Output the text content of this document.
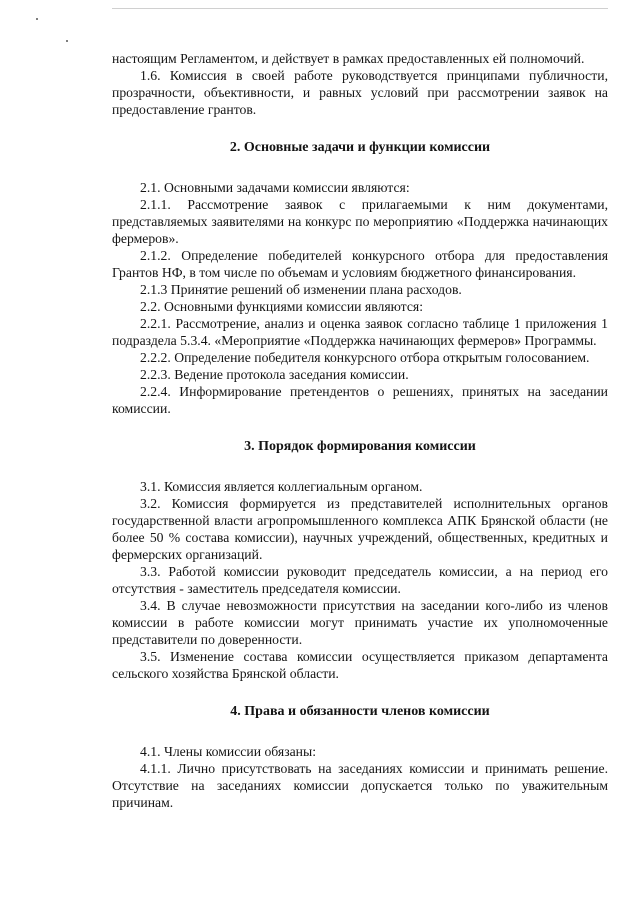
настоящим Регламентом, и действует в рамках предоставленных ей полномочий.

1.6. Комиссия в своей работе руководствуется принципами публичности, прозрачности, объективности, и равных условий при рассмотрении заявок на предоставление грантов.

2. Основные задачи и функции комиссии

2.1. Основными задачами комиссии являются:

2.1.1. Рассмотрение заявок с прилагаемыми к ним документами, представляемых заявителями на конкурс по мероприятию «Поддержка начинающих фермеров».

2.1.2. Определение победителей конкурсного отбора для предоставления Грантов НФ, в том числе по объемам и условиям бюджетного финансирования.

2.1.3 Принятие решений об изменении плана расходов.

2.2. Основными функциями комиссии являются:

2.2.1. Рассмотрение, анализ и оценка заявок согласно таблице 1 приложения 1 подраздела 5.3.4. «Мероприятие «Поддержка начинающих фермеров» Программы.

2.2.2. Определение победителя конкурсного отбора открытым голосованием.

2.2.3. Ведение протокола заседания комиссии.

2.2.4. Информирование претендентов о решениях, принятых на заседании комиссии.

3. Порядок формирования комиссии

3.1. Комиссия является коллегиальным органом.

3.2. Комиссия формируется из представителей исполнительных органов государственной власти агропромышленного комплекса АПК Брянской области (не более 50 % состава комиссии), научных учреждений, общественных, кредитных и фермерских организаций.

3.3. Работой комиссии руководит председатель комиссии, а на период его отсутствия - заместитель председателя комиссии.

3.4. В случае невозможности присутствия на заседании кого-либо из членов комиссии в работе комиссии могут принимать участие их уполномоченные представители по доверенности.

3.5. Изменение состава комиссии осуществляется приказом департамента сельского хозяйства Брянской области.

4. Права и обязанности членов комиссии

4.1. Члены комиссии обязаны:

4.1.1. Лично присутствовать на заседаниях комиссии и принимать решение. Отсутствие на заседаниях комиссии допускается только по уважительным причинам.
